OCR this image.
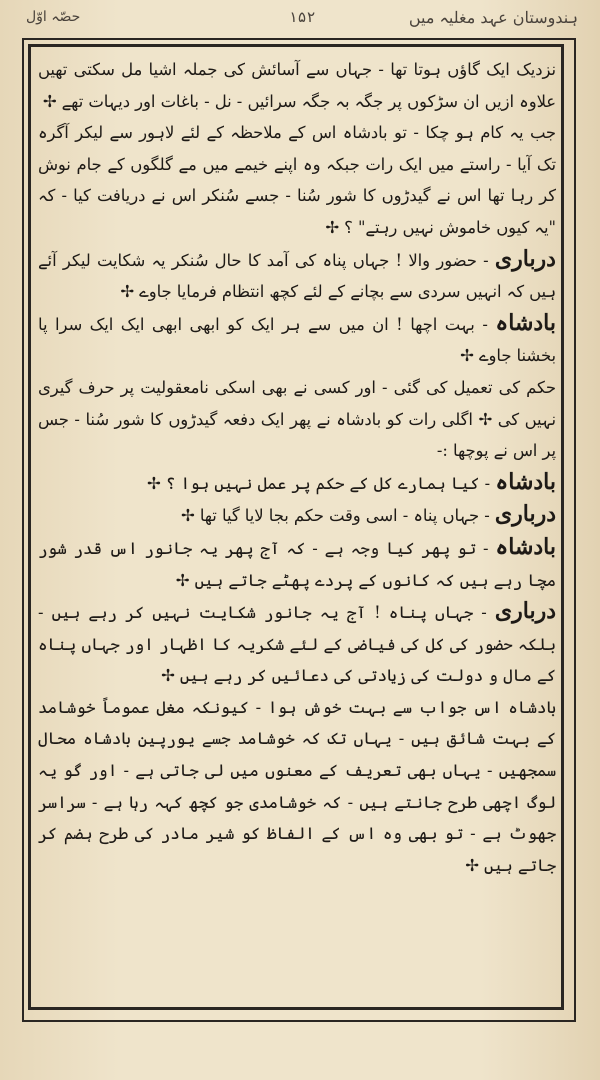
ہندوستان عہد مغلیہ میں
۱۵۲
حصّہ اوّل

نزدیک ایک گاؤں ہوتا تھا - جہاں سے آسائش کی جملہ اشیا مل سکتی تھیں علاوہ ازیں ان سڑکوں پر جگہ بہ جگہ سرائیں - نل - باغات اور دیہات تھے ✢

جب یہ کام ہو چکا - تو بادشاہ اس کے ملاحظہ کے لئے لاہور سے لیکر آگرہ تک آیا - راستے میں ایک رات جبکہ وہ اپنے خیمے میں مے گلگوں کے جام نوش کر رہا تھا اس نے گیدڑوں کا شور سُنا - جسے سُنکر اس نے دریافت کیا - کہ "یہ کیوں خاموش نہیں رہتے" ؟ ✢

درباری - حضور والا ! جہاں پناہ کی آمد کا حال سُنکر یہ شکایت لیکر آئے ہیں کہ انہیں سردی سے بچانے کے لئے کچھ انتظام فرمایا جاوے ✢

بادشاہ - بہت اچھا ! ان میں سے ہر ایک کو ابھی ابھی ایک ایک سرا پا بخشنا جاوے ✢

حکم کی تعمیل کی گئی - اور کسی نے بھی اسکی نامعقولیت پر حرف گیری نہیں کی ✢ اگلی رات کو بادشاہ نے پھر ایک دفعہ گیدڑوں کا شور سُنا - جس پر اس نے پوچھا :-

بادشاہ - کیا ہمارے کل کے حکم پر عمل نہیں ہوا ؟ ✢

درباری - جہاں پناہ - اسی وقت حکم بجا لایا گیا تھا ✢

بادشاہ - تو پھر کیا وجہ ہے - کہ آج پھر یہ جانور اس قدر شور مچا رہے ہیں کہ کانوں کے پردے پھٹے جاتے ہیں ✢

درباری - جہاں پناہ ! آج یہ جانور شکایت نہیں کر رہے ہیں - بلکہ حضور کی کل کی فیاضی کے لئے شکریہ کا اظہار اور جہاں پناہ کے مال و دولت کی زیادتی کی دعائیں کر رہے ہیں ✢

بادشاہ اس جواب سے بہت خوش ہوا - کیونکہ مغل عموماً خوشامد کے بہت شائق ہیں - یہاں تک کہ خوشامد جسے یورپین بادشاہ محال سمجھیں - یہاں بھی تعریف کے معنوں میں لی جاتی ہے - اور گو یہ لوگ اچھی طرح جانتے ہیں - کہ خوشامدی جو کچھ کہہ رہا ہے - سراسر جھوٹ ہے - تو بھی وہ اس کے الفاظ کو شیر مادر کی طرح ہضم کر جاتے ہیں ✢
